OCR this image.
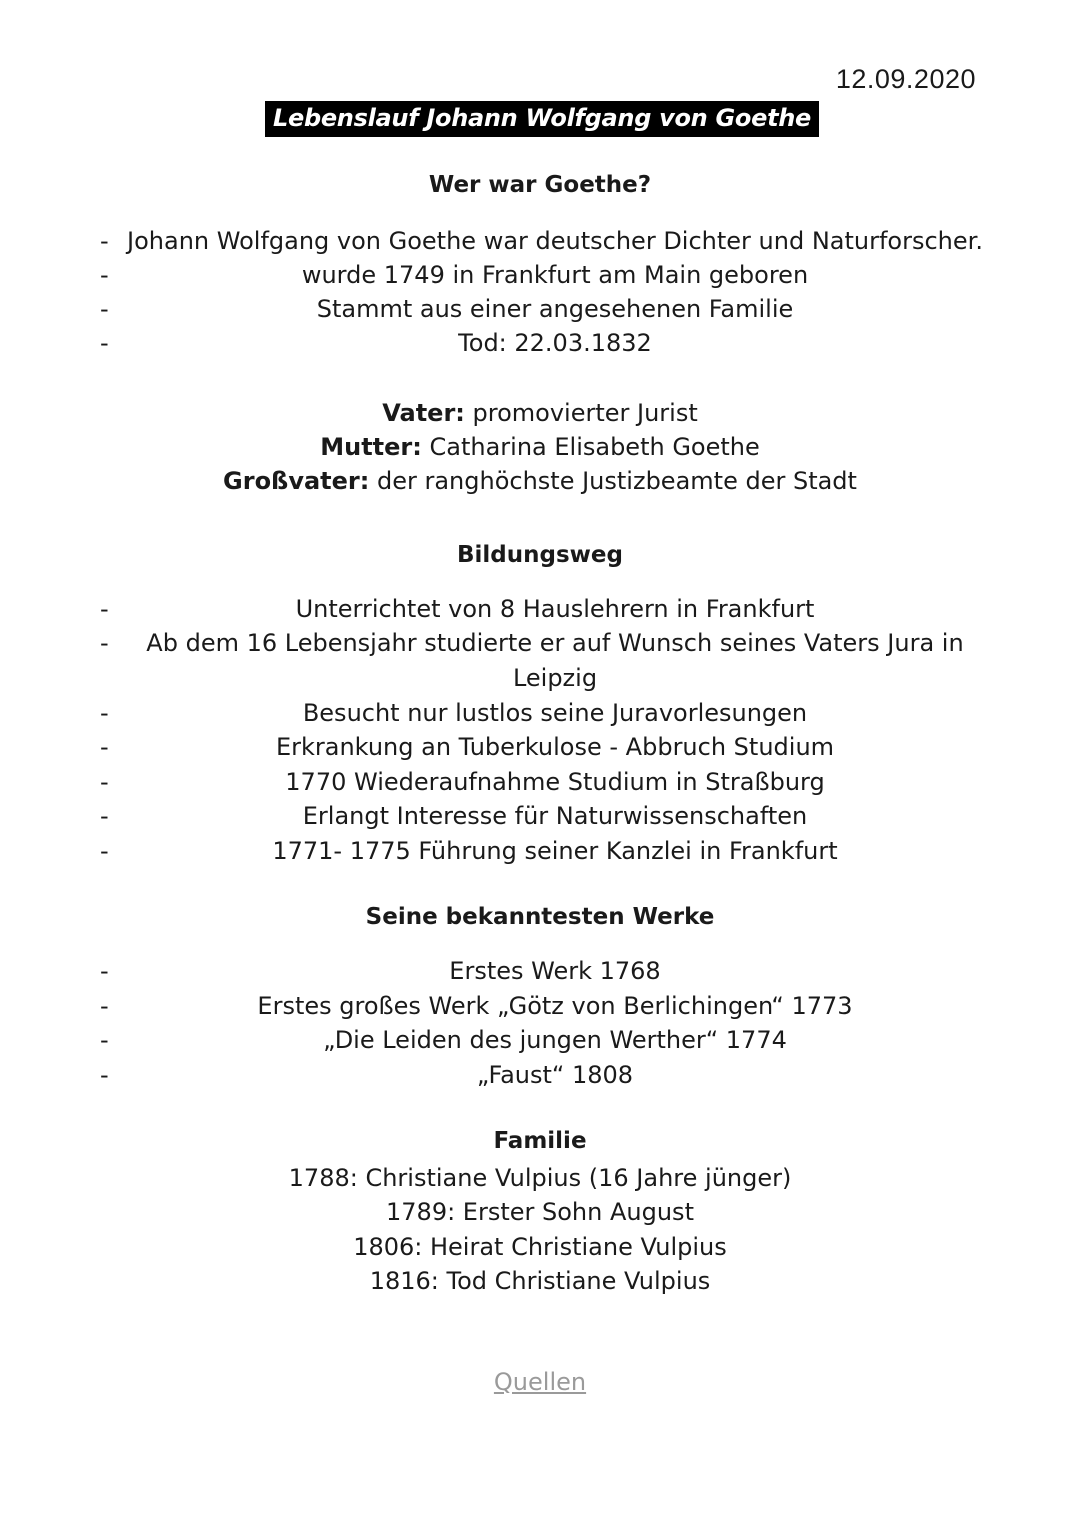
12.09.2020
Lebenslauf Johann Wolfgang von Goethe
Wer war Goethe?
- Johann Wolfgang von Goethe war deutscher Dichter und Naturforscher.
-	wurde 1749 in Frankfurt am Main geboren
-	Stammt aus einer angesehenen Familie
-	Tod: 22.03.1832
Vater: promovierter Jurist
Mutter: Catharina Elisabeth Goethe
Großvater: der ranghöchste Justizbeamte der Stadt
Bildungsweg
-	Unterrichtet von 8 Hauslehrern in Frankfurt
- Ab dem 16 Lebensjahr studierte er auf Wunsch seines Vaters Jura in
Leipzig
-	Besucht nur lustlos seine Juravorlesungen
-	Erkrankung an Tuberkulose - Abbruch Studium
-	1770 Wiederaufnahme Studium in Straßburg
-	Erlangt Interesse für Naturwissenschaften
-	1771- 1775 Führung seiner Kanzlei in Frankfurt
Seine bekanntesten Werke
-	Erstes Werk 1768
-	Erstes großes Werk „Götz von Berlichingen“ 1773
-	„Die Leiden des jungen Werther“ 1774
-	„Faust“ 1808
Familie
1788: Christiane Vulpius (16 Jahre jünger)
1789: Erster Sohn August
1806: Heirat Christiane Vulpius
1816: Tod Christiane Vulpius
Quellen
